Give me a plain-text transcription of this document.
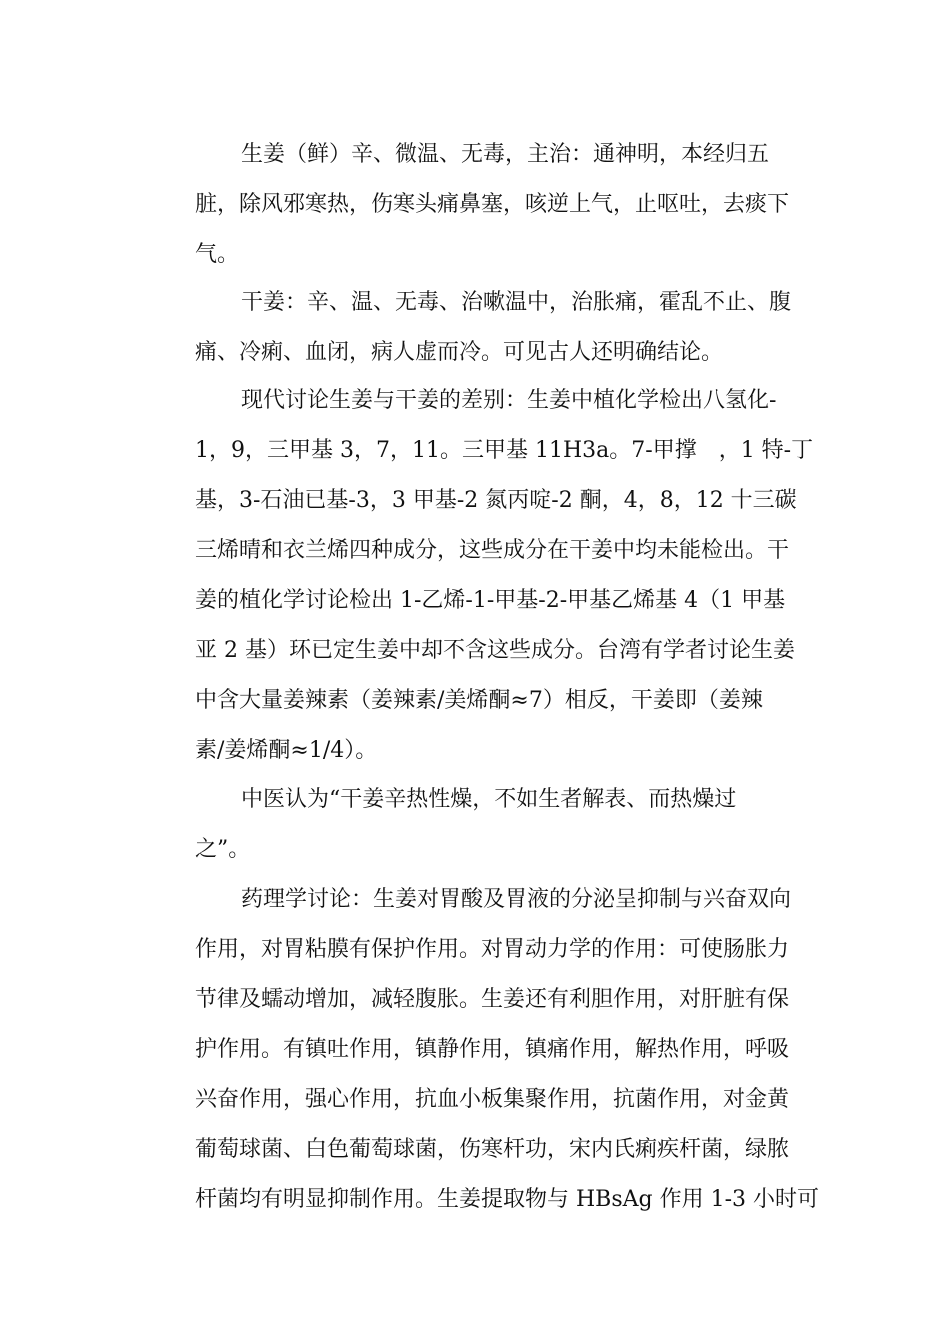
生姜（鲜）辛、微温、无毒，主治：通神明，本经归五
脏，除风邪寒热，伤寒头痛鼻塞，咳逆上气，止呕吐，去痰下
气。
干姜：辛、温、无毒、治嗽温中，治胀痛，霍乱不止、腹
痛、冷痢、血闭，病人虚而冷。可见古人还明确结论。
现代讨论生姜与干姜的差别：生姜中植化学检出八氢化-
1，9，三甲基 3，7，11。三甲基 11H3a。7-甲撑　，1 特-丁
基，3-石油已基-3，3 甲基-2 氮丙啶-2 酮，4，8，12 十三碳
三烯晴和衣兰烯四种成分，这些成分在干姜中均未能检出。干
姜的植化学讨论检出 1-乙烯-1-甲基-2-甲基乙烯基 4（1 甲基
亚 2 基）环已定生姜中却不含这些成分。台湾有学者讨论生姜
中含大量姜辣素（姜辣素/美烯酮≈7）相反，干姜即（姜辣
素/姜烯酮≈1/4）。
中医认为“干姜辛热性燥，不如生者解表、而热燥过
之”。
药理学讨论：生姜对胃酸及胃液的分泌呈抑制与兴奋双向
作用，对胃粘膜有保护作用。对胃动力学的作用：可使肠胀力
节律及蠕动增加，减轻腹胀。生姜还有利胆作用，对肝脏有保
护作用。有镇吐作用，镇静作用，镇痛作用，解热作用，呼吸
兴奋作用，强心作用，抗血小板集聚作用，抗菌作用，对金黄
葡萄球菌、白色葡萄球菌，伤寒杆功，宋内氏痢疾杆菌，绿脓
杆菌均有明显抑制作用。生姜提取物与 HBsAg 作用 1-3 小时可
